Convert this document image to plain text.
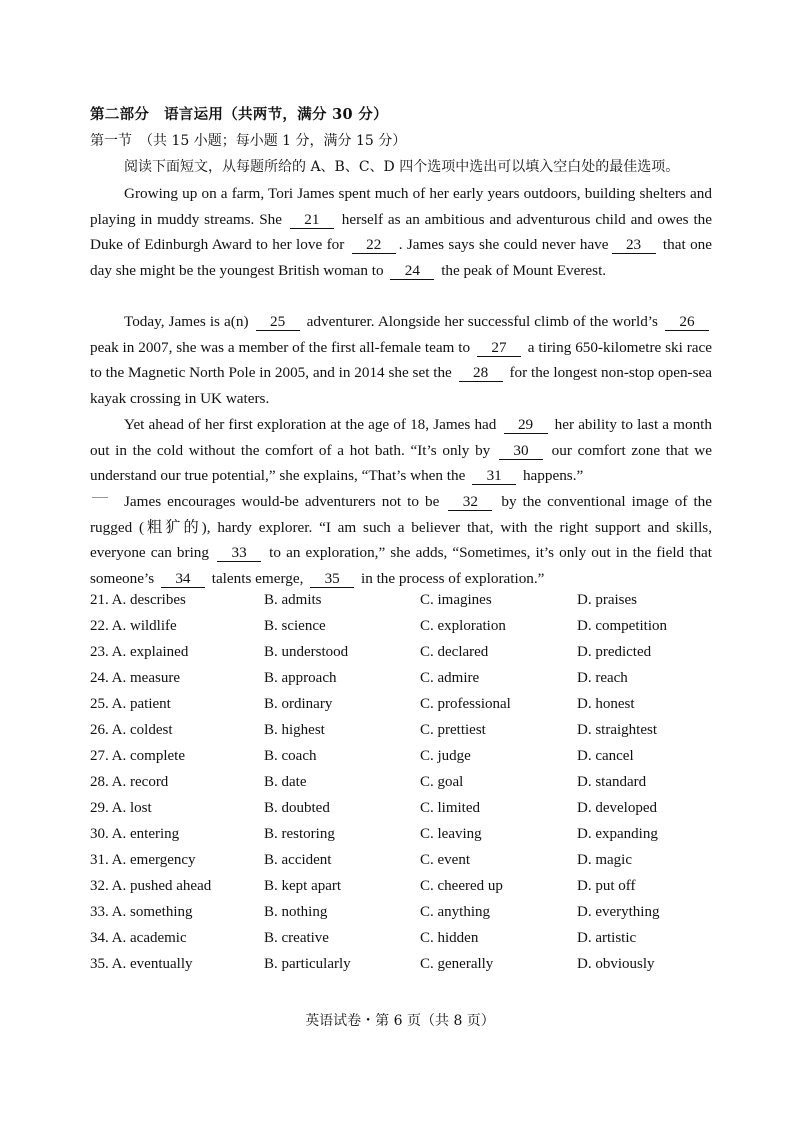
第二部分　语言运用（共两节，满分 30 分）
第一节　（共 15 小题；每小题 1 分，满分 15 分）
阅读下面短文，从每题所给的 A、B、C、D 四个选项中选出可以填入空白处的最佳选项。

Growing up on a farm, Tori James spent much of her early years outdoors, building shelters and playing in muddy streams. She 21 herself as an ambitious and adventurous child and owes the Duke of Edinburgh Award to her love for 22 . James says she could never have 23 that one day she might be the youngest British woman to 24 the peak of Mount Everest.

Today, James is a(n) 25 adventurer. Alongside her successful climb of the world’s 26 peak in 2007, she was a member of the first all-female team to 27 a tiring 650-kilometre ski race to the Magnetic North Pole in 2005, and in 2014 she set the 28 for the longest non-stop open-sea kayak crossing in UK waters.

Yet ahead of her first exploration at the age of 18, James had 29 her ability to last a month out in the cold without the comfort of a hot bath. “It’s only by 30 our comfort zone that we understand our true potential,” she explains, “That’s when the 31 happens.”

James encourages would-be adventurers not to be 32 by the conventional image of the rugged (粗犷的), hardy explorer. “I am such a believer that, with the right support and skills, everyone can bring 33 to an exploration,” she adds, “Sometimes, it’s only out in the field that someone’s 34 talents emerge, 35 in the process of exploration.”

21. A. describes	B. admits	C. imagines	D. praises
22. A. wildlife	B. science	C. exploration	D. competition
23. A. explained	B. understood	C. declared	D. predicted
24. A. measure	B. approach	C. admire	D. reach
25. A. patient	B. ordinary	C. professional	D. honest
26. A. coldest	B. highest	C. prettiest	D. straightest
27. A. complete	B. coach	C. judge	D. cancel
28. A. record	B. date	C. goal	D. standard
29. A. lost	B. doubted	C. limited	D. developed
30. A. entering	B. restoring	C. leaving	D. expanding
31. A. emergency	B. accident	C. event	D. magic
32. A. pushed ahead	B. kept apart	C. cheered up	D. put off
33. A. something	B. nothing	C. anything	D. everything
34. A. academic	B. creative	C. hidden	D. artistic
35. A. eventually	B. particularly	C. generally	D. obviously
英语试卷・第 6 页（共 8 页）
